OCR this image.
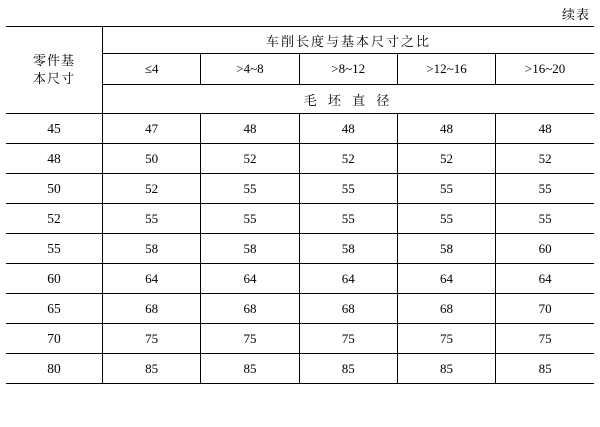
续表
零件基
本尺寸	车削长度与基本尺寸之比				
	≤4	>4~8	>8~12	>12~16	>16~20
	毛 坯 直 径				
45	47	48	48	48	48
48	50	52	52	52	52
50	52	55	55	55	55
52	55	55	55	55	55
55	58	58	58	58	60
60	64	64	64	64	64
65	68	68	68	68	70
70	75	75	75	75	75
80	85	85	85	85	85
